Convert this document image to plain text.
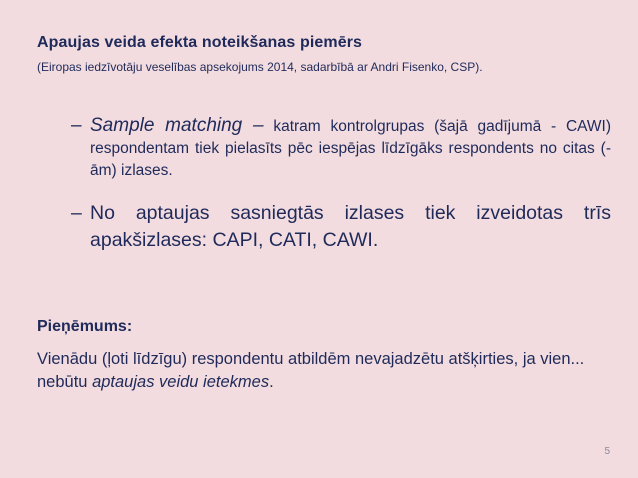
Apaujas veida efekta noteikšanas piemērs
(Eiropas iedzīvotāju veselības apsekojums 2014, sadarbībā ar Andri Fisenko, CSP).
– Sample matching – katram kontrolgrupas (šajā gadījumā - CAWI) respondentam tiek pielasīts pēc iespējas līdzīgāks respondents no citas (-ām) izlases.
– No aptaujas sasniegtās izlases tiek izveidotas trīs apakšizlases: CAPI, CATI, CAWI.
Pieņēmums:
Vienādu (ļoti līdzīgu) respondentu atbildēm nevajadzētu atšķirties, ja vien... nebūtu aptaujas veidu ietekmes.
5
